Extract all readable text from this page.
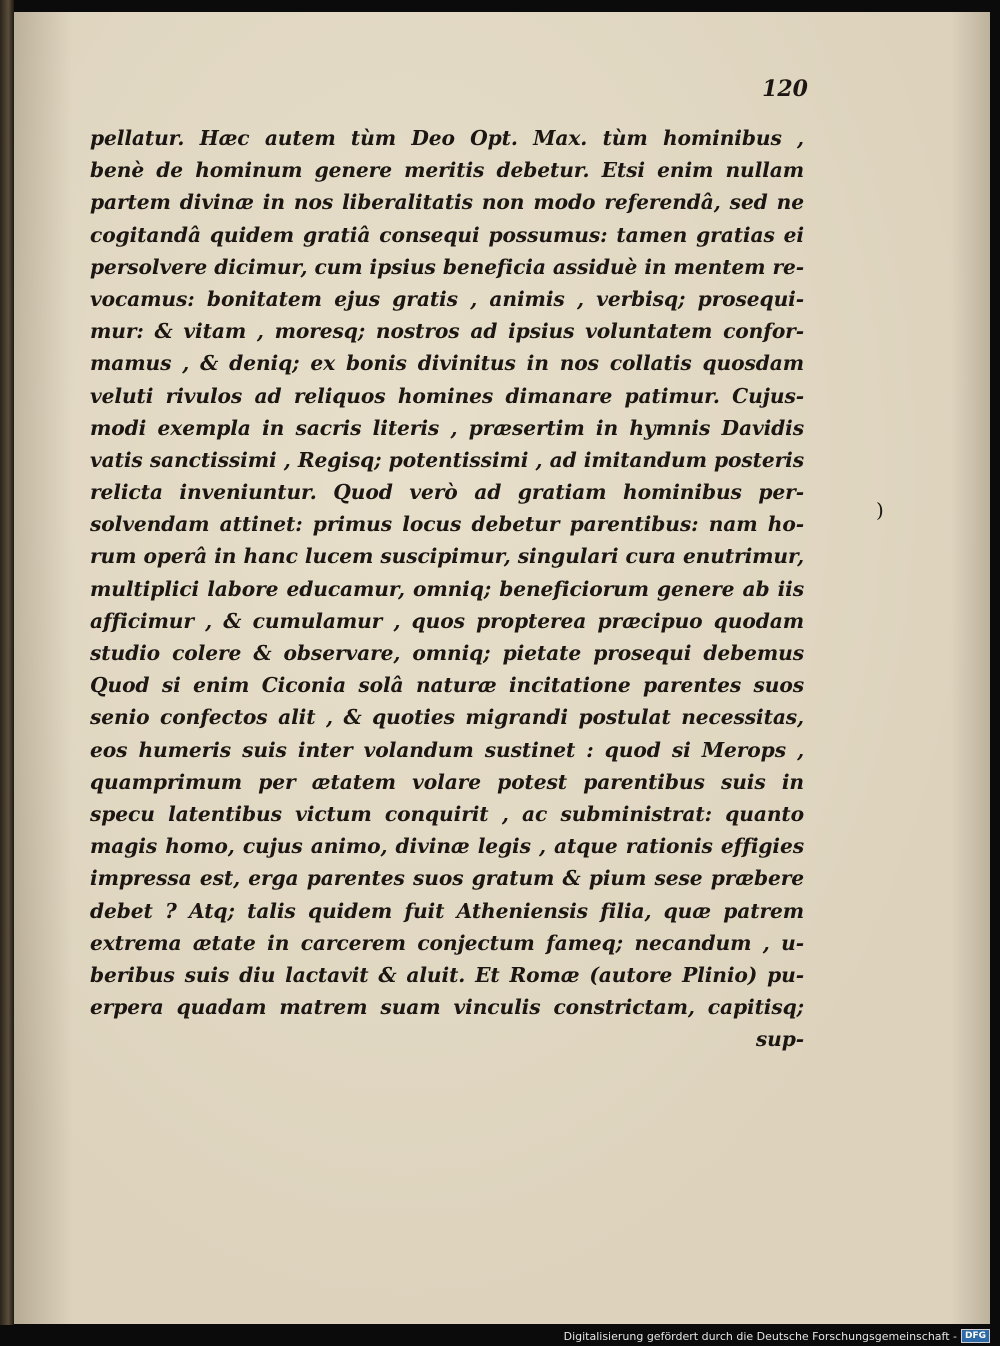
120
pellatur. Hæc autem tùm Deo Opt. Max. tùm hominibus ,
benè de hominum genere meritis debetur. Etsi enim nullam
partem divinæ in nos liberalitatis non modo referendâ, sed ne
cogitandâ quidem gratiâ consequi possumus: tamen gratias ei
persolvere dicimur, cum ipsius beneficia assiduè in mentem re-
vocamus: bonitatem ejus gratis , animis , verbisq; prosequi-
mur: & vitam , moresq; nostros ad ipsius voluntatem confor-
mamus , & deniq; ex bonis divinitus in nos collatis quosdam
veluti rivulos ad reliquos homines dimanare patimur. Cujus-
modi exempla in sacris literis , præsertim in hymnis Davidis
vatis sanctissimi , Regisq; potentissimi , ad imitandum posteris
relicta inveniuntur. Quod verò ad gratiam hominibus per-
solvendam attinet: primus locus debetur parentibus: nam ho-
rum operâ in hanc lucem suscipimur, singulari cura enutrimur,
multiplici labore educamur, omniq; beneficiorum genere ab iis
afficimur , & cumulamur , quos propterea præcipuo quodam
studio colere & observare, omniq; pietate prosequi debemus
Quod si enim Ciconia solâ naturæ incitatione parentes suos
senio confectos alit , & quoties migrandi postulat necessitas,
eos humeris suis inter volandum sustinet : quod si Merops ,
quamprimum per ætatem volare potest parentibus suis in
specu latentibus victum conquirit , ac subministrat: quanto
magis homo, cujus animo, divinæ legis , atque rationis effigies
impressa est, erga parentes suos gratum & pium sese præbere
debet ? Atq; talis quidem fuit Atheniensis filia, quæ patrem
extrema ætate in carcerem conjectum fameq; necandum , u-
beribus suis diu lactavit & aluit. Et Romæ (autore Plinio) pu-
erpera quadam matrem suam vinculis constrictam, capitisq;
sup-
)
Digitalisierung gefördert durch die Deutsche Forschungsgemeinschaft - DFG
